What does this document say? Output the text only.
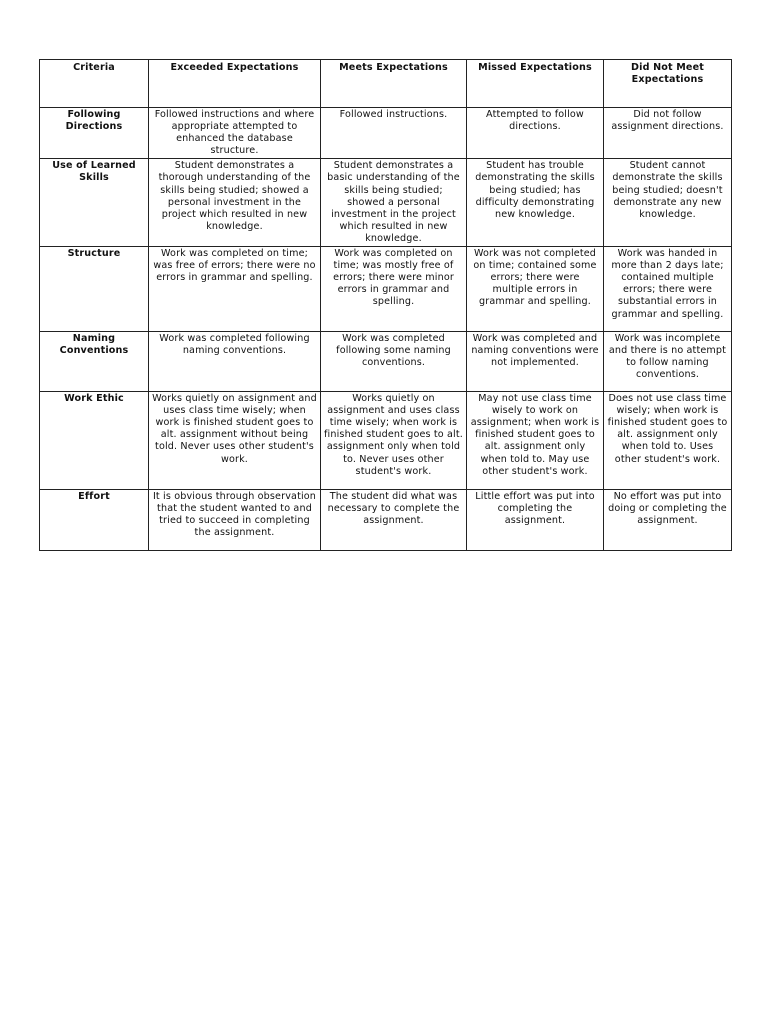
Criteria	Exceeded Expectations	Meets Expectations	Missed Expectations	Did Not Meet Expectations
Following Directions	Followed instructions and where appropriate attempted to enhanced the database structure.	Followed instructions.	Attempted to follow directions.	Did not follow assignment directions.
Use of Learned Skills	Student demonstrates a thorough understanding of the skills being studied; showed a personal investment in the project which resulted in new knowledge.	Student demonstrates a basic understanding of the skills being studied; showed a personal investment in the project which resulted in new knowledge.	Student has trouble demonstrating the skills being studied; has difficulty demonstrating new knowledge.	Student cannot demonstrate the skills being studied; doesn't demonstrate any new knowledge.
Structure	Work was completed on time; was free of errors; there were no errors in grammar and spelling.	Work was completed on time; was mostly free of errors; there were minor errors in grammar and spelling.	Work was not completed on time; contained some errors; there were multiple errors in grammar and spelling.	Work was handed in more than 2 days late; contained multiple errors; there were substantial errors in grammar and spelling.
Naming Conventions	Work was completed following naming conventions.	Work was completed following some naming conventions.	Work was completed and naming conventions were not implemented.	Work was incomplete and there is no attempt to follow naming conventions.
Work Ethic	Works quietly on assignment and uses class time wisely; when work is finished student goes to alt. assignment without being told. Never uses other student's work.	Works quietly on assignment and uses class time wisely; when work is finished student goes to alt. assignment only when told to. Never uses other student's work.	May not use class time wisely to work on assignment; when work is finished student goes to alt. assignment only when told to. May use other student's work.	Does not use class time wisely; when work is finished student goes to alt. assignment only when told to. Uses other student's work.
Effort	It is obvious through observation that the student wanted to and tried to succeed in completing the assignment.	The student did what was necessary to complete the assignment.	Little effort was put into completing the assignment.	No effort was put into doing or completing the assignment.
